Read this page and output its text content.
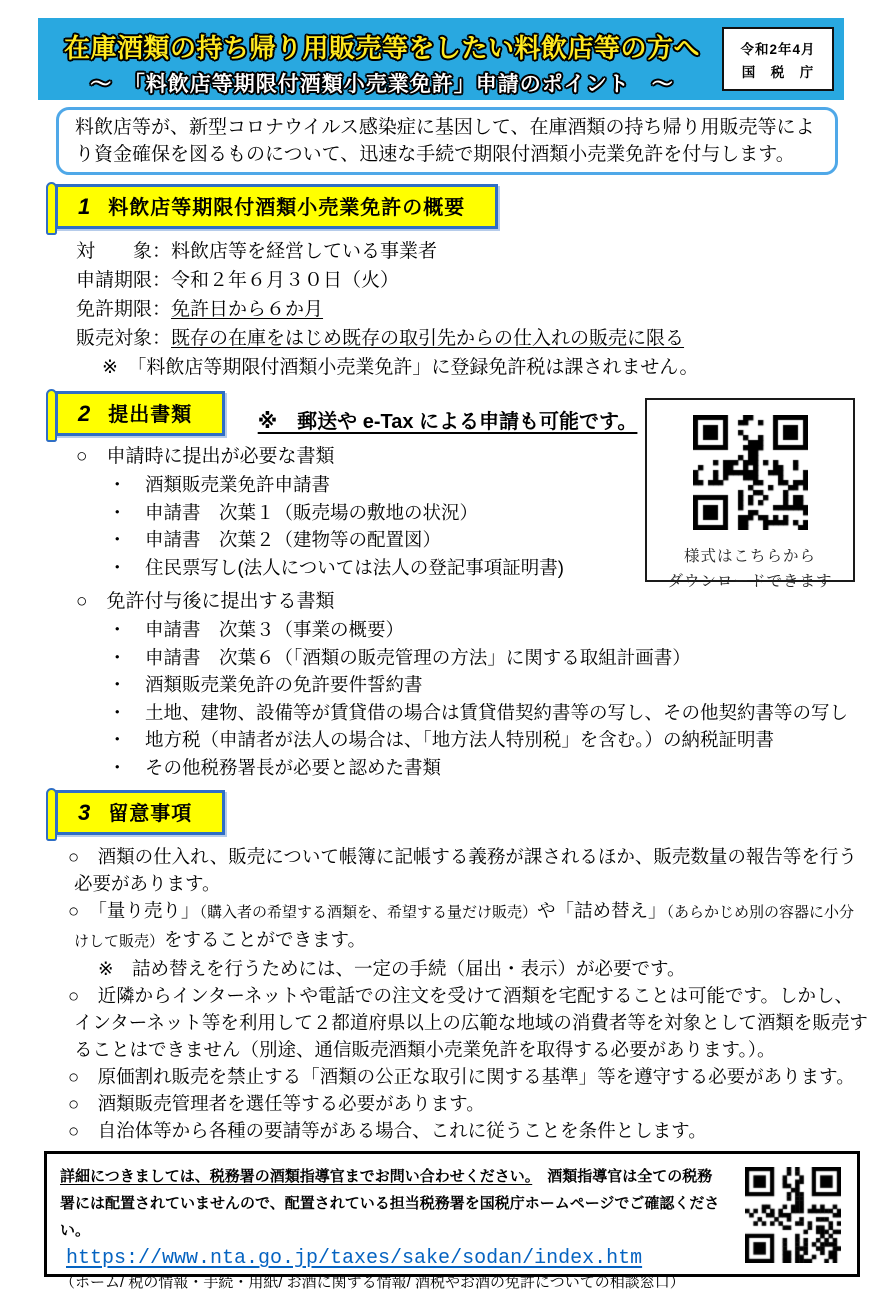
在庫酒類の持ち帰り用販売等をしたい料飲店等の方へ
～　「料飲店等期限付酒類小売業免許」申請のポイント　～
令和2年4月
国　税　庁
料飲店等が、新型コロナウイルス感染症に基因して、在庫酒類の持ち帰り用販売等により資金確保を図るものについて、迅速な手続で期限付酒類小売業免許を付与します。
1 料飲店等期限付酒類小売業免許の概要
対　　象：料飲店等を経営している事業者
申請期限：令和２年６月３０日（火）
免許期限：免許日から６か月
販売対象：既存の在庫をはじめ既存の取引先からの仕入れの販売に限る
※　「料飲店等期限付酒類小売業免許」に登録免許税は課されません。
2 提出書類	※　郵送や e-Tax による申請も可能です。
○　申請時に提出が必要な書類
・　酒類販売業免許申請書
・　申請書　次葉１（販売場の敷地の状況）
・　申請書　次葉２（建物等の配置図）
・　住民票写し(法人については法人の登記事項証明書)
○　免許付与後に提出する書類
・　申請書　次葉３（事業の概要）
・　申請書　次葉６（「酒類の販売管理の方法」に関する取組計画書）
・　酒類販売業免許の免許要件誓約書
・　土地、建物、設備等が賃貸借の場合は賃貸借契約書等の写し、その他契約書等の写し
・　地方税（申請者が法人の場合は、「地方法人特別税」を含む。）の納税証明書
・　その他税務署長が必要と認めた書類
様式はこちらから
ダウンロードできます
3 留意事項
○　酒類の仕入れ、販売について帳簿に記帳する義務が課されるほか、販売数量の報告等を行う必要があります。
○　「量り売り」（購入者の希望する酒類を、希望する量だけ販売）や「詰め替え」（あらかじめ別の容器に小分けして販売）をすることができます。
※　詰め替えを行うためには、一定の手続（届出・表示）が必要です。
○　近隣からインターネットや電話での注文を受けて酒類を宅配することは可能です。しかし、インターネット等を利用して２都道府県以上の広範な地域の消費者等を対象として酒類を販売することはできません（別途、通信販売酒類小売業免許を取得する必要があります。）。
○　原価割れ販売を禁止する「酒類の公正な取引に関する基準」等を遵守する必要があります。
○　酒類販売管理者を選任等する必要があります。
○　自治体等から各種の要請等がある場合、これに従うことを条件とします。
詳細につきましては、税務署の酒類指導官までお問い合わせください。　酒類指導官は全ての税務署には配置されていませんので、配置されている担当税務署を国税庁ホームページでご確認ください。
https://www.nta.go.jp/taxes/sake/sodan/index.htm
（ホーム/ 税の情報・手続・用紙/ お酒に関する情報/ 酒税やお酒の免許についての相談窓口）
